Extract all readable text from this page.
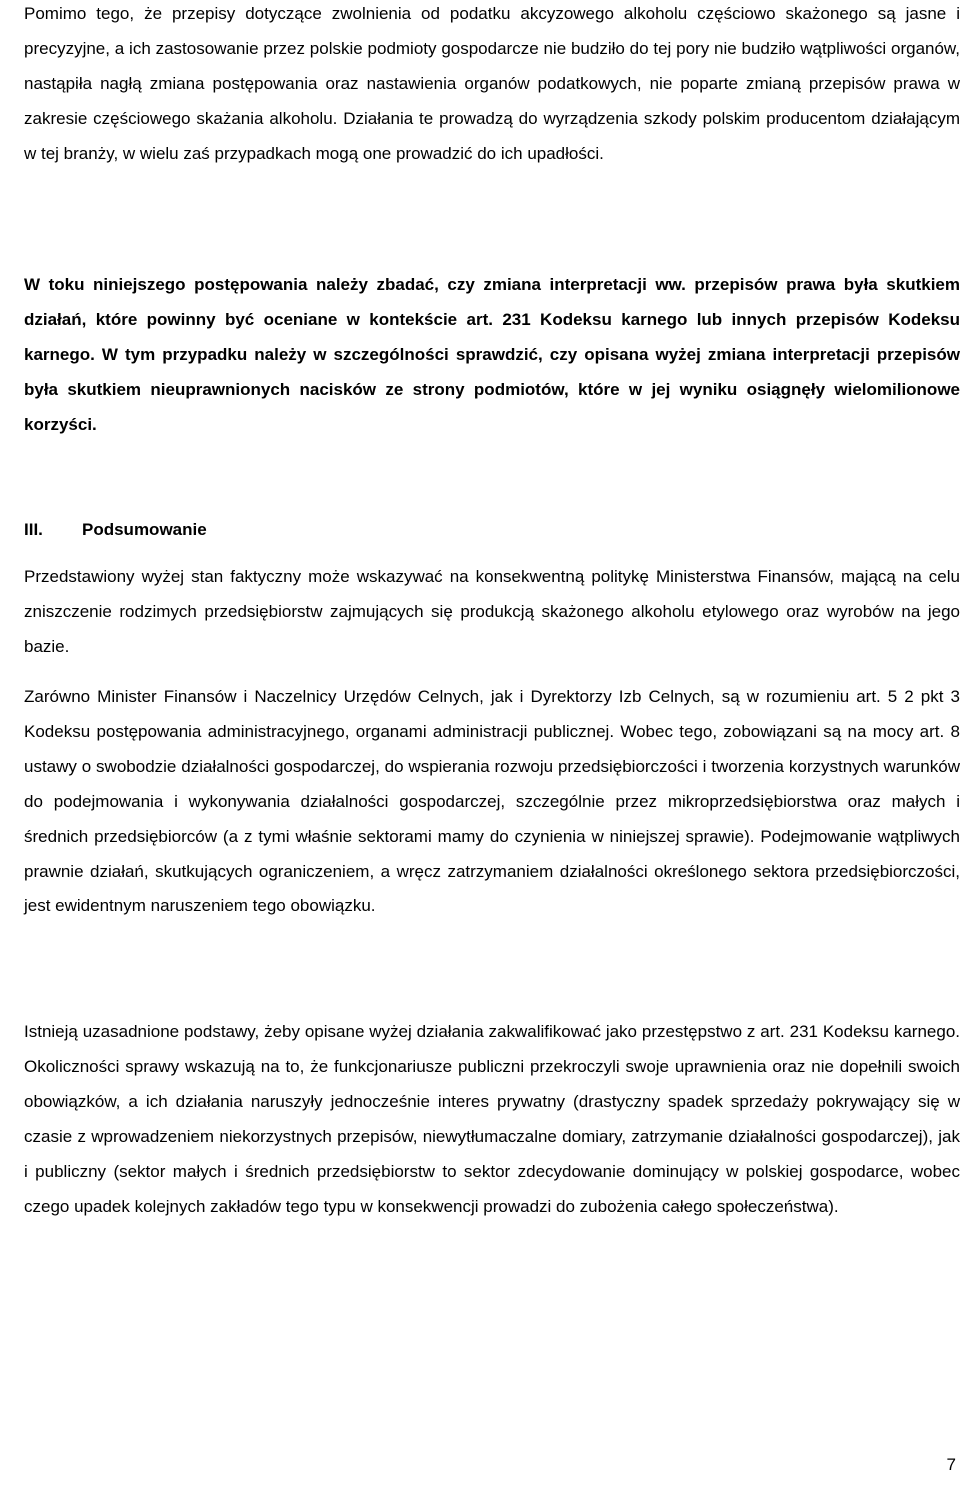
Pomimo tego, że przepisy dotyczące zwolnienia od podatku akcyzowego alkoholu częściowo skażonego są jasne i precyzyjne, a ich zastosowanie przez polskie podmioty gospodarcze nie budziło do tej pory nie budziło wątpliwości organów, nastąpiła nagłą zmiana postępowania oraz nastawienia organów podatkowych, nie poparte zmianą przepisów prawa w zakresie częściowego skażania alkoholu. Działania te prowadzą do wyrządzenia szkody polskim producentom działającym w tej branży, w wielu zaś przypadkach mogą one prowadzić do ich upadłości.

W toku niniejszego postępowania należy zbadać, czy zmiana interpretacji ww. przepisów prawa była skutkiem działań, które powinny być oceniane w kontekście art. 231 Kodeksu karnego lub innych przepisów Kodeksu karnego. W tym przypadku należy w szczególności sprawdzić, czy opisana wyżej zmiana interpretacji przepisów była skutkiem nieuprawnionych nacisków ze strony podmiotów, które w jej wyniku osiągnęły wielomilionowe korzyści.

III. Podsumowanie

Przedstawiony wyżej stan faktyczny może wskazywać na konsekwentną politykę Ministerstwa Finansów, mającą na celu zniszczenie rodzimych przedsiębiorstw zajmujących się produkcją skażonego alkoholu etylowego oraz wyrobów na jego bazie.

Zarówno Minister Finansów i Naczelnicy Urzędów Celnych, jak i Dyrektorzy Izb Celnych, są w rozumieniu art. 5 2 pkt 3 Kodeksu postępowania administracyjnego, organami administracji publicznej. Wobec tego, zobowiązani są na mocy art. 8 ustawy o swobodzie działalności gospodarczej, do wspierania rozwoju przedsiębiorczości i tworzenia korzystnych warunków do podejmowania i wykonywania działalności gospodarczej, szczególnie przez mikroprzedsiębiorstwa oraz małych i średnich przedsiębiorców (a z tymi właśnie sektorami mamy do czynienia w niniejszej sprawie). Podejmowanie wątpliwych prawnie działań, skutkujących ograniczeniem, a wręcz zatrzymaniem działalności określonego sektora przedsiębiorczości, jest ewidentnym naruszeniem tego obowiązku.

Istnieją uzasadnione podstawy, żeby opisane wyżej działania zakwalifikować jako przestępstwo z art. 231 Kodeksu karnego. Okoliczności sprawy wskazują na to, że funkcjonariusze publiczni przekroczyli swoje uprawnienia oraz nie dopełnili swoich obowiązków, a ich działania naruszyły jednocześnie interes prywatny (drastyczny spadek sprzedaży pokrywający się w czasie z wprowadzeniem niekorzystnych przepisów, niewytłumaczalne domiary, zatrzymanie działalności gospodarczej), jak i publiczny (sektor małych i średnich przedsiębiorstw to sektor zdecydowanie dominujący w polskiej gospodarce, wobec czego upadek kolejnych zakładów tego typu w konsekwencji prowadzi do zubożenia całego społeczeństwa).

7
